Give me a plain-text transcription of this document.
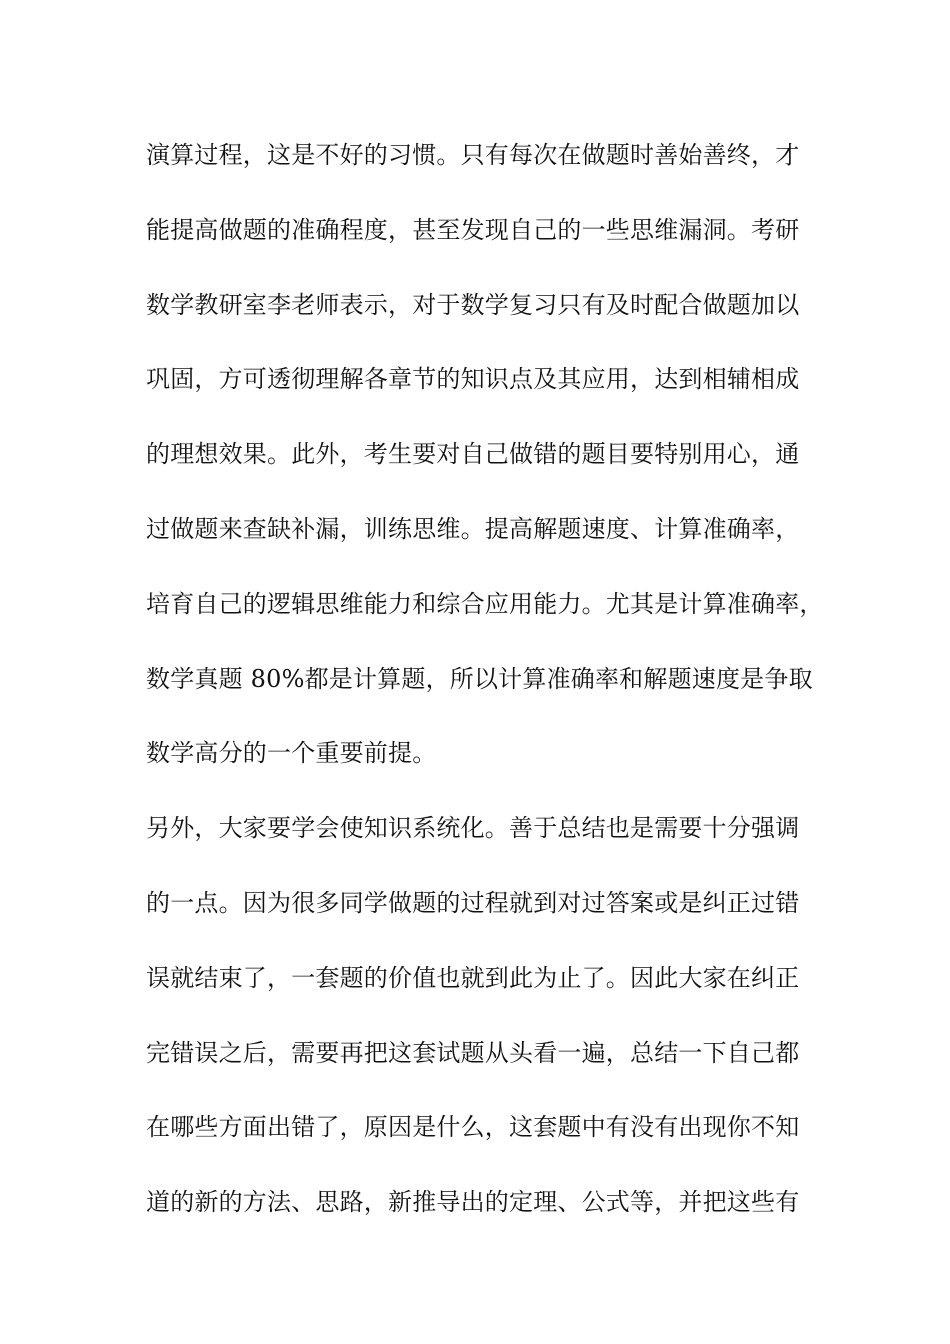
演算过程，这是不好的习惯。只有每次在做题时善始善终，才
能提高做题的准确程度，甚至发现自己的一些思维漏洞。考研
数学教研室李老师表示，对于数学复习只有及时配合做题加以
巩固，方可透彻理解各章节的知识点及其应用，达到相辅相成
的理想效果。此外，考生要对自己做错的题目要特别用心，通
过做题来查缺补漏，训练思维。提高解题速度、计算准确率，
培育自己的逻辑思维能力和综合应用能力。尤其是计算准确率，
数学真题 80%都是计算题，所以计算准确率和解题速度是争取
数学高分的一个重要前提。
另外，大家要学会使知识系统化。善于总结也是需要十分强调
的一点。因为很多同学做题的过程就到对过答案或是纠正过错
误就结束了，一套题的价值也就到此为止了。因此大家在纠正
完错误之后，需要再把这套试题从头看一遍，总结一下自己都
在哪些方面出错了，原因是什么，这套题中有没有出现你不知
道的新的方法、思路，新推导出的定理、公式等，并把这些有
